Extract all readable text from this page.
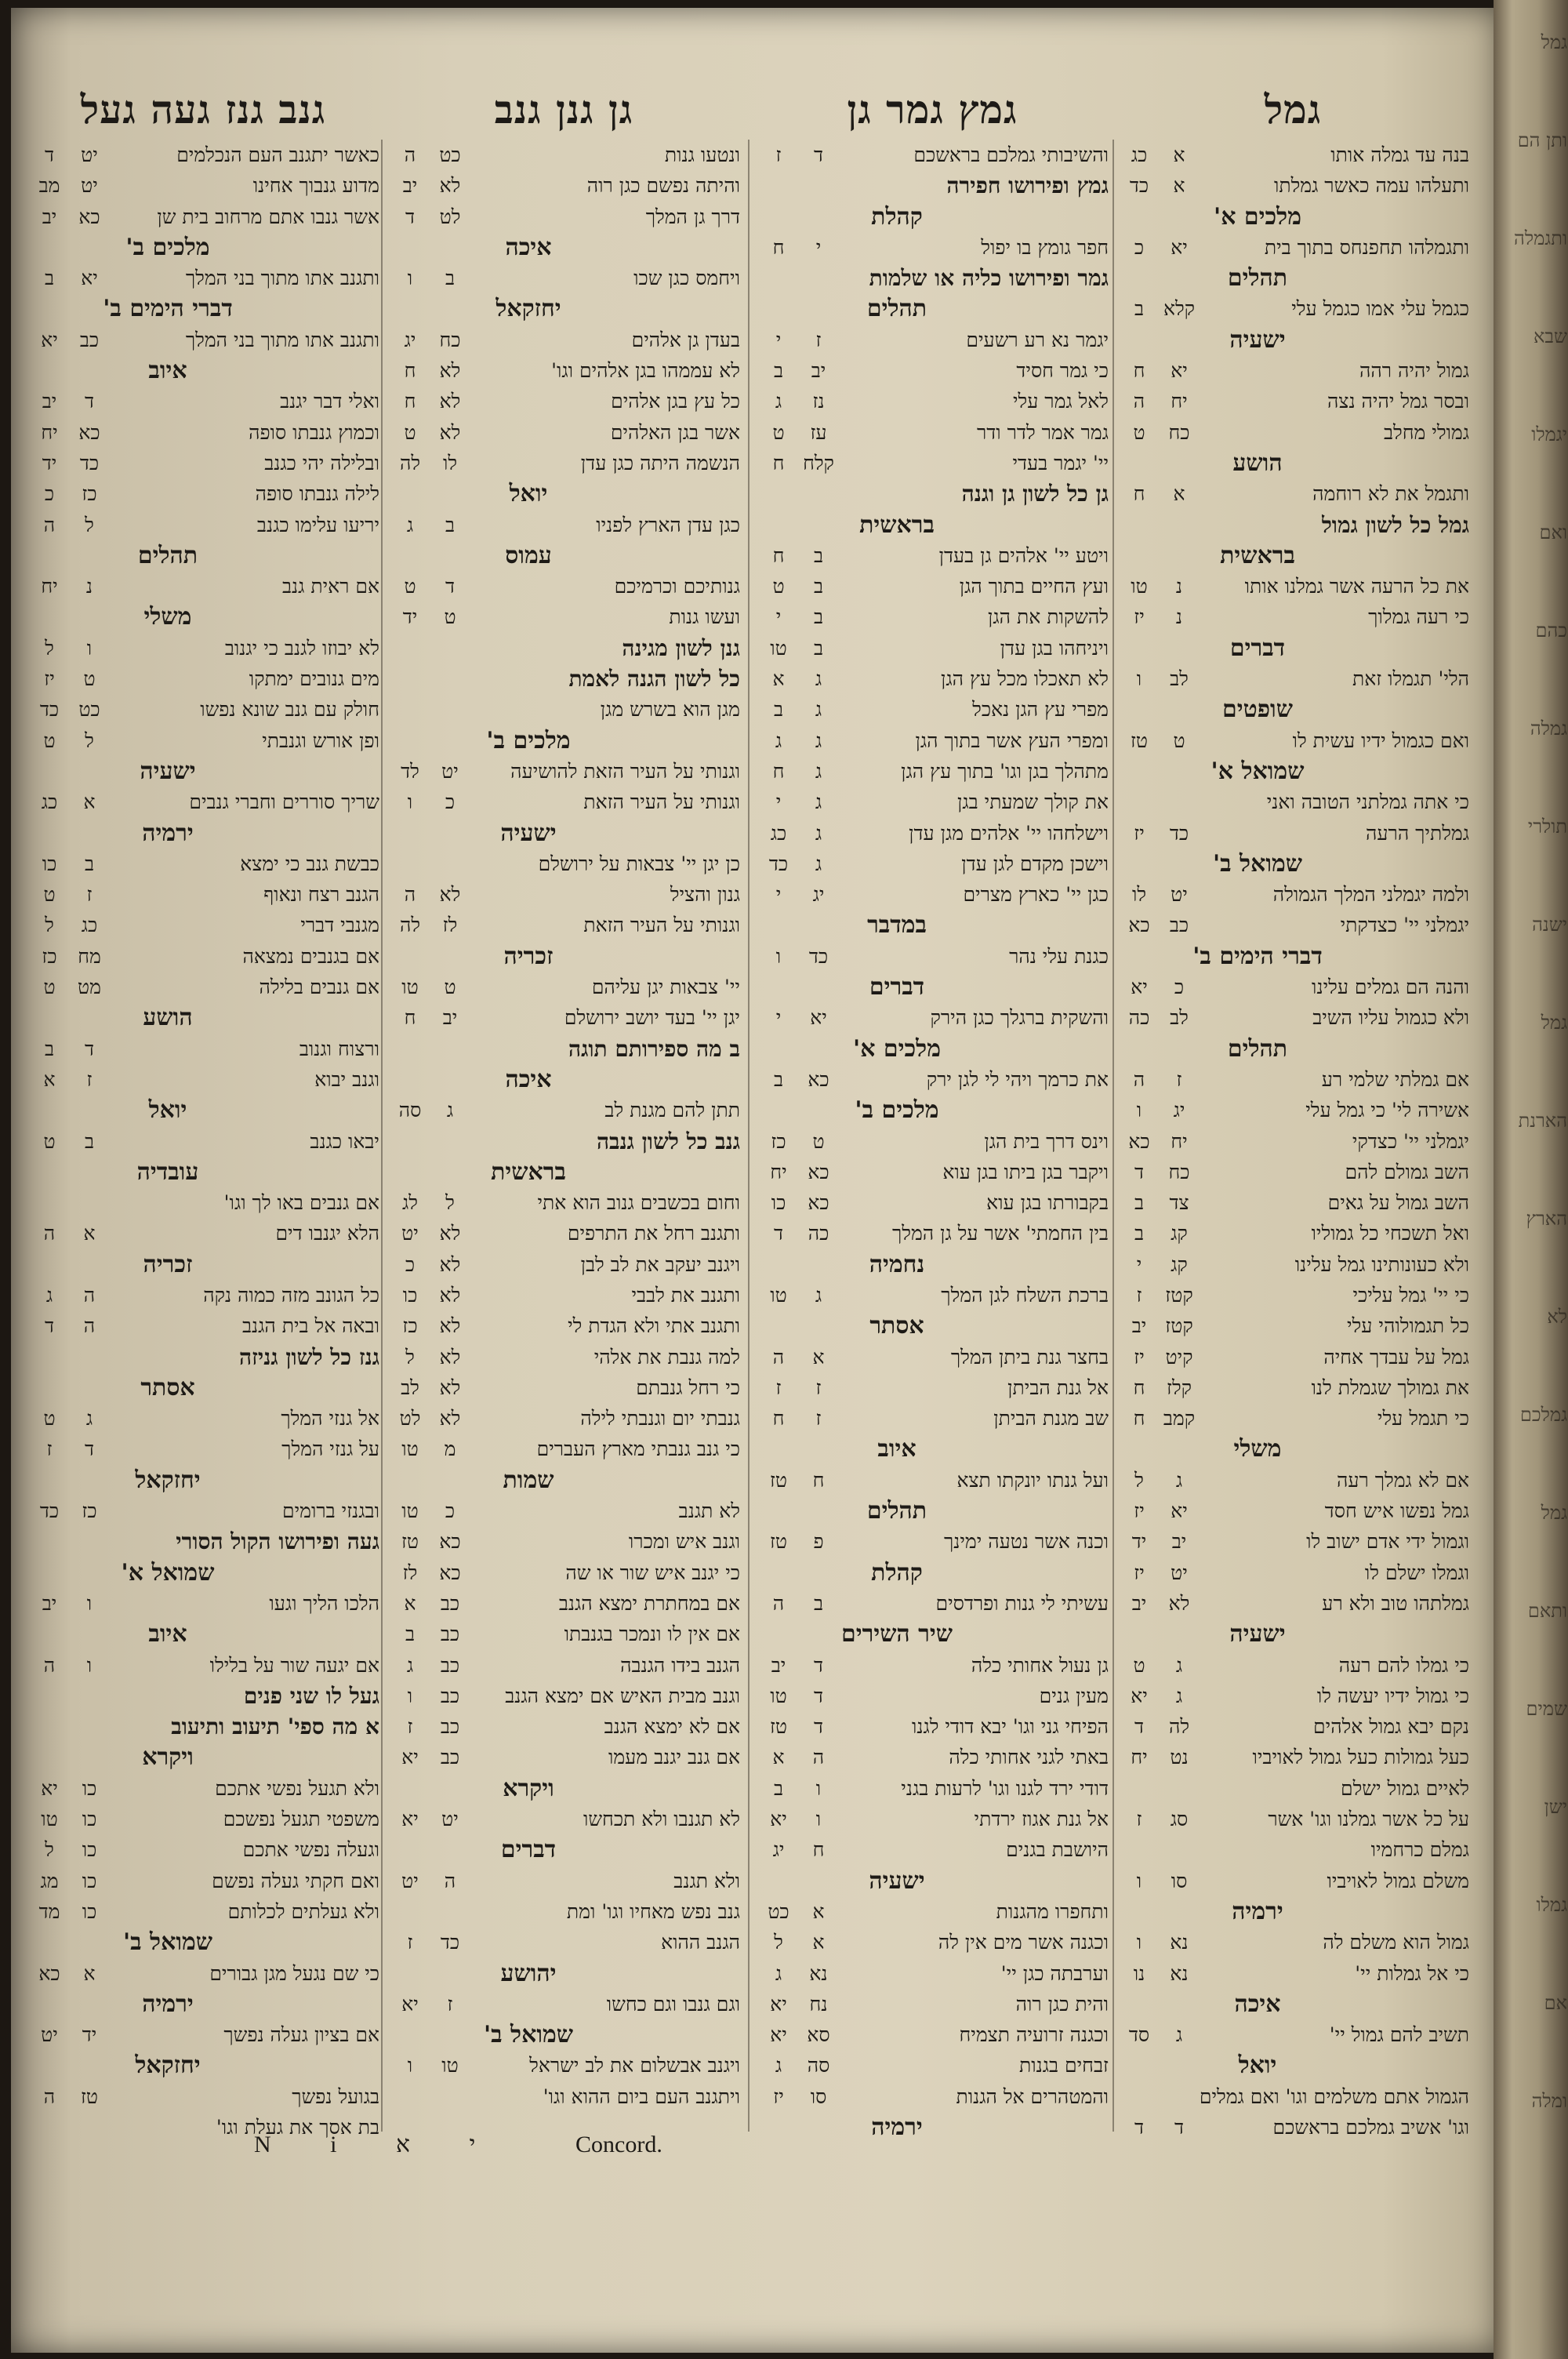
גמל
גמץ גמר גן
גן גנן גנב
גנב גנז געה געל
בנה עד גמלה אותו
א
כג
ותעלהו עמה כאשר גמלתו
א
כד
מלכים א'
ותגמלהו תחפנחס בתוך בית
יא
כ
תהלים
כגמל עלי אמו כגמל עלי
קלא
ב
ישעיה
גמול יהיה רהה
יא
ח
ובסר גמל יהיה נצה
יח
ה
גמולי מחלב
כח
ט
הושע
ותגמל את לא רוחמה
א
ח
גמל כל לשון גמול
בראשית
את כל הרעה אשר גמלנו אותו
נ
טו
כי רעה גמלוך
נ
יז
דברים
הלי' תגמלו זאת
לב
ו
שופטים
ואם כגמול ידיו עשית לו
ט
טז
שמואל א'
כי אתה גמלתני הטובה ואני
גמלתיך הרעה
כד
יז
שמואל ב'
ולמה יגמלני המלך הגמולה
יט
לו
יגמלני יי' כצדקתי
כב
כא
דברי הימים ב'
והנה הם גמלים עלינו
כ
יא
ולא כגמול עליו השיב
לב
כה
תהלים
אם גמלתי שלמי רע
ז
ה
אשירה לי' כי גמל עלי
יג
ו
יגמלני יי' כצדקי
יח
כא
השב גמולם להם
כח
ד
השב גמול על גאים
צד
ב
ואל תשכחי כל גמוליו
קג
ב
ולא כעונותינו גמל עלינו
קג
י
כי יי' גמל עליכי
קטז
ז
כל תגמולוהי עלי
קטז
יב
גמל על עבדך אחיה
קיט
יז
את גמולך שגמלת לנו
קלז
ח
כי תגמל עלי
קמב
ח
משלי
אם לא גמלך רעה
ג
ל
גמל נפשו איש חסד
יא
יז
וגמול ידי אדם ישוב לו
יב
יד
וגמלו ישלם לו
יט
יז
גמלתהו טוב ולא רע
לא
יב
ישעיה
כי גמלו להם רעה
ג
ט
כי גמול ידיו יעשה לו
ג
יא
נקם יבא גמול אלהים
לה
ד
כעל גמולות כעל גמול לאויביו
נט
יח
לאיים גמול ישלם
על כל אשר גמלנו וגו' אשר
סג
ז
גמלם כרחמיו
משלם גמול לאויביו
סו
ו
ירמיה
גמול הוא משלם לה
נא
ו
כי אל גמלות יי'
נא
נו
איכה
תשיב להם גמול יי'
ג
סד
יואל
הגמול אתם משלמים וגו' ואם גמלים
וגו' אשיב גמלכם בראשכם
ד
ד
והשיבותי גמלכם בראשכם
ד
ז
גמץ ופירושו חפירה
קהלת
חפר גומץ בו יפול
י
ח
גמר ופירושו כליה או שלמות
תהלים
יגמר נא רע רשעים
ז
י
כי גמר חסיד
יב
ב
לאל גמר עלי
נז
ג
גמר אמר לדר ודר
עז
ט
יי' יגמר בעדי
קלח
ח
גן כל לשון גן וגנה
בראשית
ויטע יי' אלהים גן בעדן
ב
ח
ועץ החיים בתוך הגן
ב
ט
להשקות את הגן
ב
י
ויניחהו בגן עדן
ב
טו
לא תאכלו מכל עץ הגן
ג
א
מפרי עץ הגן נאכל
ג
ב
ומפרי העץ אשר בתוך הגן
ג
ג
מתהלך בגן וגו' בתוך עץ הגן
ג
ח
את קולך שמעתי בגן
ג
י
וישלחהו יי' אלהים מגן עדן
ג
כג
וישכן מקדם לגן עדן
ג
כד
כגן יי' כארץ מצרים
יג
י
במדבר
כגנת עלי נהר
כד
ו
דברים
והשקית ברגלך כגן הירק
יא
י
מלכים א'
את כרמך ויהי לי לגן ירק
כא
ב
מלכים ב'
וינס דרך בית הגן
ט
כז
ויקבר בגן ביתו בגן עוא
כא
יח
בקבורתו בגן עוא
כא
כו
בין החמתי' אשר על גן המלך
כה
ד
נחמיה
ברכת השלח לגן המלך
ג
טו
אסתר
בחצר גנת ביתן המלך
א
ה
אל גנת הביתן
ז
ז
שב מגנת הביתן
ז
ח
איוב
ועל גנתו יונקתו תצא
ח
טז
תהלים
וכנה אשר נטעה ימינך
פ
טז
קהלת
עשיתי לי גנות ופרדסים
ב
ה
שיר השירים
גן נעול אחותי כלה
ד
יב
מעין גנים
ד
טו
הפיחי גני וגו' יבא דודי לגנו
ד
טז
באתי לגני אחותי כלה
ה
א
דודי ירד לגנו וגו' לרעות בגני
ו
ב
אל גנת אגוז ירדתי
ו
יא
היושבת בגנים
ח
יג
ישעיה
ותחפרו מהגנות
א
כט
וכגנה אשר מים אין לה
א
ל
וערבתה כגן יי'
נא
ג
והית כגן רוה
נח
יא
וכגנה זרועיה תצמיח
סא
יא
זבחים בגנות
סה
ג
והמטהרים אל הגנות
סו
יז
ירמיה
ונטעו גנות
כט
ה
והיתה נפשם כגן רוה
לא
יב
דרך גן המלך
לט
ד
איכה
ויחמס כגן שכו
ב
ו
יחזקאל
בעדן גן אלהים
כח
יג
לא עממהו בגן אלהים וגו'
לא
ח
כל עץ בגן אלהים
לא
ח
אשר בגן האלהים
לא
ט
הנשמה היתה כגן עדן
לו
לה
יואל
כגן עדן הארץ לפניו
ב
ג
עמוס
גנותיכם וכרמיכם
ד
ט
ועשו גנות
ט
יד
גנן לשון מגינה
כל לשון הגנה לאמת
מגן הוא בשרש מגן
מלכים ב'
וגנותי על העיר הזאת להושיעה
יט
לד
וגנותי על העיר הזאת
כ
ו
ישעיה
כן יגן יי' צבאות על ירושלם
גנון והציל
לא
ה
וגנותי על העיר הזאת
לז
לה
זכריה
יי' צבאות יגן עליהם
ט
טו
יגן יי' בעד יושב ירושלם
יב
ח
ב מה ספירותם תוגה
איכה
תתן להם מגנת לב
ג
סה
גנב כל לשון גנבה
בראשית
וחום בכשבים גנוב הוא אתי
ל
לג
ותגנב רחל את התרפים
לא
יט
ויגנב יעקב את לב לבן
לא
כ
ותגנב את לבבי
לא
כו
ותגנב אתי ולא הגדת לי
לא
כז
למה גנבת את אלהי
לא
ל
כי רחל גנבתם
לא
לב
גנבתי יום וגנבתי לילה
לא
לט
כי גנב גנבתי מארץ העברים
מ
טו
שמות
לא תגנב
כ
טו
וגנב איש ומכרו
כא
טז
כי יגנב איש שור או שה
כא
לז
אם במחתרת ימצא הגנב
כב
א
אם אין לו ונמכר בגנבתו
כב
ב
הגנב בידו הגנבה
כב
ג
וגנב מבית האיש אם ימצא הגנב
כב
ו
אם לא ימצא הגנב
כב
ז
אם גנב יגנב מעמו
כב
יא
ויקרא
לא תגנבו ולא תכחשו
יט
יא
דברים
ולא תגנב
ה
יט
גנב נפש מאחיו וגו' ומת
הגנב ההוא
כד
ז
יהושע
וגם גנבו וגם כחשו
ז
יא
שמואל ב'
ויגנב אבשלום את לב ישראל
טו
ו
ויתגנב העם ביום ההוא וגו'
כאשר יתגנב העם הנכלמים
יט
ד
מדוע גנבוך אחינו
יט
מב
אשר גנבו אתם מרחוב בית שן
כא
יב
מלכים ב'
ותגנב אתו מתוך בני המלך
יא
ב
דברי הימים ב'
ותגנב אתו מתוך בני המלך
כב
יא
איוב
ואלי דבר יגנב
ד
יב
וכמוץ גנבתו סופה
כא
יח
ובלילה יהי כגנב
כד
יד
לילה גנבתו סופה
כז
כ
יריעו עלימו כגנב
ל
ה
תהלים
אם ראית גנב
נ
יח
משלי
לא יבוזו לגנב כי יגנוב
ו
ל
מים גנובים ימתקו
ט
יז
חולק עם גנב שונא נפשו
כט
כד
ופן אורש וגנבתי
ל
ט
ישעיה
שריך סוררים וחברי גנבים
א
כג
ירמיה
כבשת גנב כי ימצא
ב
כו
הגנב רצח ונאוף
ז
ט
מגנבי דברי
כג
ל
אם בגנבים נמצאה
מח
כז
אם גנבים בלילה
מט
ט
הושע
ורצוח וגנוב
ד
ב
וגנב יבוא
ז
א
יואל
יבאו כגנב
ב
ט
עובדיה
אם גנבים באו לך וגו'
הלא יגנבו דים
א
ה
זכריה
כל הגונב מזה כמוה נקה
ה
ג
ובאה אל בית הגנב
ה
ד
גנז כל לשון גניזה
אסתר
אל גנזי המלך
ג
ט
על גנזי המלך
ד
ז
יחזקאל
ובגנזי ברומים
כז
כד
געה ופירושו הקול הסורי
שמואל א'
הלכו הליך וגעו
ו
יב
איוב
אם יגעה שור על בלילו
ו
ה
געל לו שני פנים
א מה ספי' תיעוב ותיעוב
ויקרא
ולא תגעל נפשי אתכם
כו
יא
משפטי תגעל נפשכם
כו
טו
וגעלה נפשי אתכם
כו
ל
ואם חקתי געלה נפשם
כו
מג
ולא געלתים לכלותם
כו
מד
שמואל ב'
כי שם נגעל מגן גבורים
א
כא
ירמיה
אם בציון געלה נפשך
יד
יט
יחזקאל
בגועל נפשך
טז
ה
בת אסך את געלת וגו'
N i י א	Concord.
גמל
ותן הם
ותגמלה
שבא
יגמלו
ואם
כהם
גמלה
תולרי
ישנה
גמל
הארנת
הארץ
לא
גמלכם
גמל
ותאם
שמים
ישן
גמלו
אם
ומלה
